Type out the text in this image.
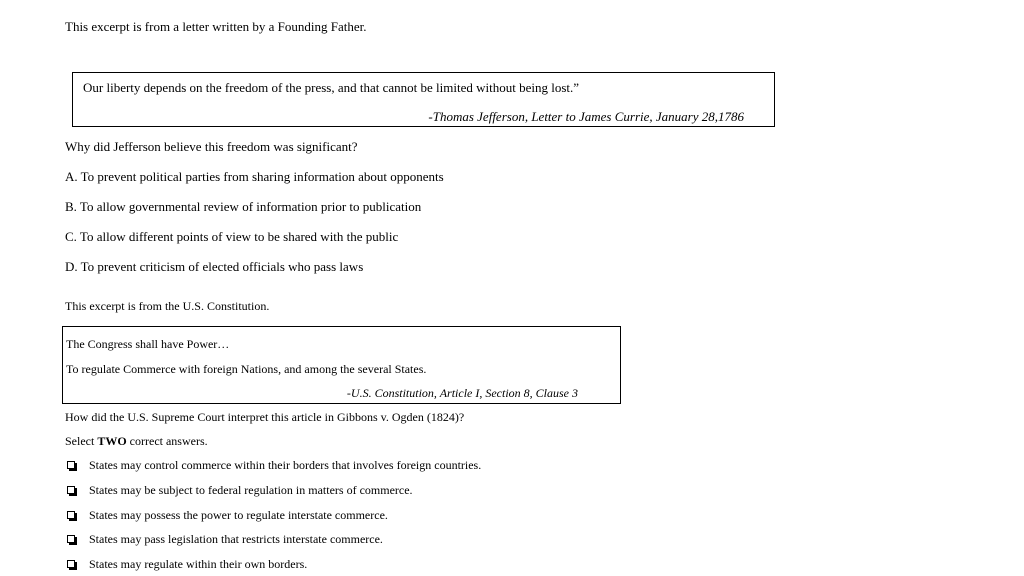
This excerpt is from a letter written by a Founding Father.
Our liberty depends on the freedom of the press, and that cannot be limited without being lost.”
-Thomas Jefferson, Letter to James Currie, January 28,1786
Why did Jefferson believe this freedom was significant?
A. To prevent political parties from sharing information about opponents
B. To allow governmental review of information prior to publication
C. To allow different points of view to be shared with the public
D. To prevent criticism of elected officials who pass laws
This excerpt is from the U.S. Constitution.
The Congress shall have Power…
To regulate Commerce with foreign Nations, and among the several States.
-U.S. Constitution, Article I, Section 8, Clause 3
How did the U.S. Supreme Court interpret this article in Gibbons v. Ogden (1824)?
Select TWO correct answers.
States may control commerce within their borders that involves foreign countries.
States may be subject to federal regulation in matters of commerce.
States may possess the power to regulate interstate commerce.
States may pass legislation that restricts interstate commerce.
States may regulate within their own borders.
